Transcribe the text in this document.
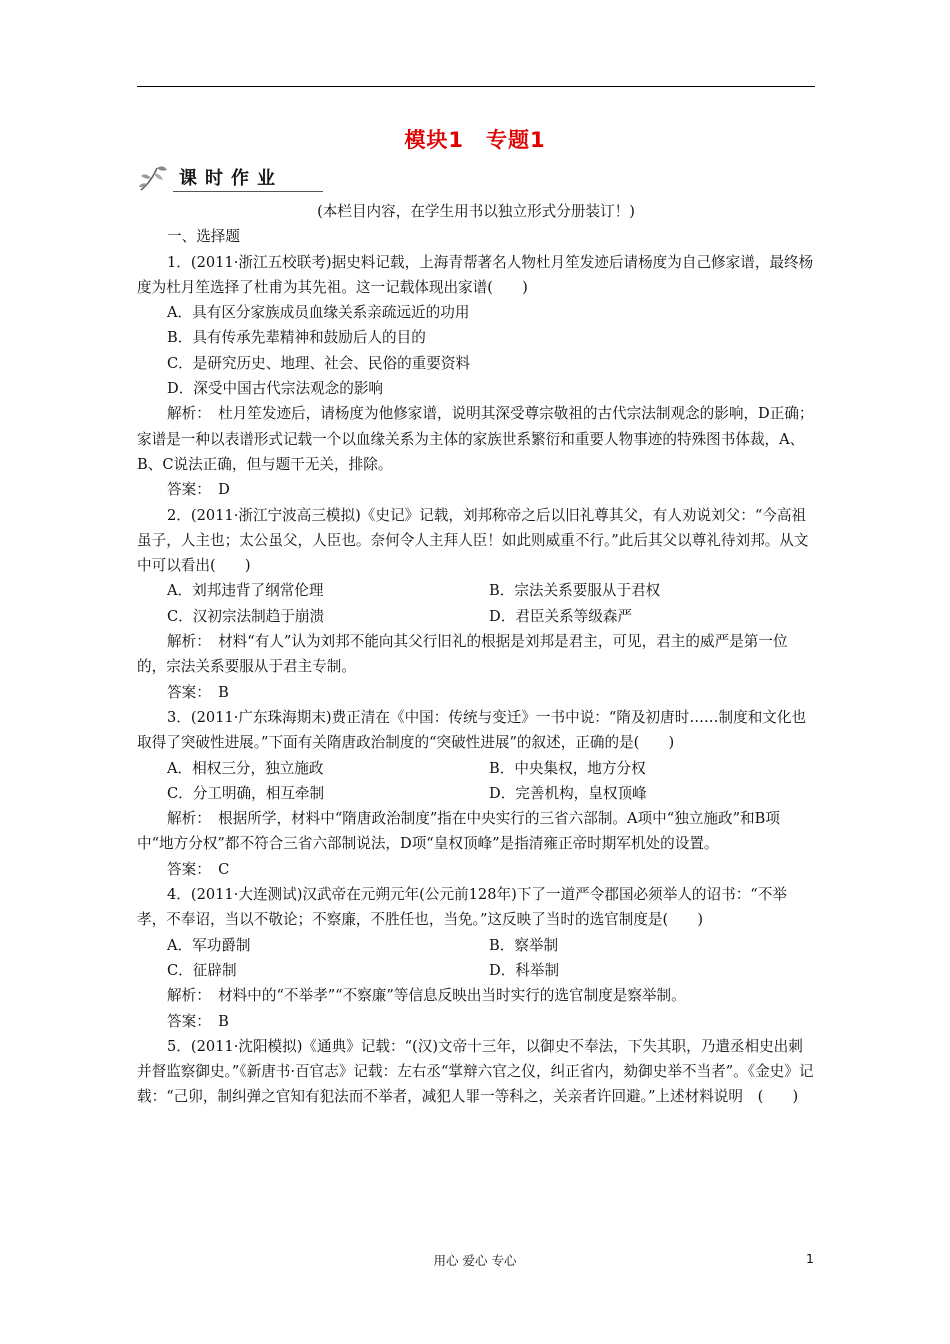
模块1　专题1
课时作业

(本栏目内容，在学生用书以独立形式分册装订！)

一、选择题

1．(2011·浙江五校联考)据史料记载，上海青帮著名人物杜月笙发迹后请杨度为自己修家谱，最终杨度为杜月笙选择了杜甫为其先祖。这一记载体现出家谱(　　)

A．具有区分家族成员血缘关系亲疏远近的功用

B．具有传承先辈精神和鼓励后人的目的

C．是研究历史、地理、社会、民俗的重要资料

D．深受中国古代宗法观念的影响

解析：　杜月笙发迹后，请杨度为他修家谱，说明其深受尊宗敬祖的古代宗法制观念的影响，D正确；家谱是一种以表谱形式记载一个以血缘关系为主体的家族世系繁衍和重要人物事迹的特殊图书体裁，A、B、C说法正确，但与题干无关，排除。

答案：　D

2．(2011·浙江宁波高三模拟)《史记》记载，刘邦称帝之后以旧礼尊其父，有人劝说刘父：“今高祖虽子，人主也；太公虽父，人臣也。奈何令人主拜人臣！如此则威重不行。”此后其父以尊礼待刘邦。从文中可以看出(　　)

A．刘邦违背了纲常伦理	B．宗法关系要服从于君权
C．汉初宗法制趋于崩溃	D．君臣关系等级森严

解析：　材料“有人”认为刘邦不能向其父行旧礼的根据是刘邦是君主，可见，君主的威严是第一位的，宗法关系要服从于君主专制。

答案：　B

3．(2011·广东珠海期末)费正清在《中国：传统与变迁》一书中说：“隋及初唐时……制度和文化也取得了突破性进展。”下面有关隋唐政治制度的“突破性进展”的叙述，正确的是(　　)

A．相权三分，独立施政	B．中央集权，地方分权
C．分工明确，相互牵制	D．完善机构，皇权顶峰

解析：　根据所学，材料中“隋唐政治制度”指在中央实行的三省六部制。A项中“独立施政”和B项中“地方分权”都不符合三省六部制说法，D项“皇权顶峰”是指清雍正帝时期军机处的设置。

答案：　C

4．(2011·大连测试)汉武帝在元朔元年(公元前128年)下了一道严令郡国必须举人的诏书：“不举孝，不奉诏，当以不敬论；不察廉，不胜任也，当免。”这反映了当时的选官制度是(　　)

A．军功爵制	B．察举制
C．征辟制	D．科举制

解析：　材料中的“不举孝”“不察廉”等信息反映出当时实行的选官制度是察举制。

答案：　B

5．(2011·沈阳模拟)《通典》记载：“(汉)文帝十三年，以御史不奉法，下失其职，乃遣丞相史出刺并督监察御史。”《新唐书·百官志》记载：左右丞“掌辩六官之仪，纠正省内，劾御史举不当者”。《金史》记载：“己卯，制纠弹之官知有犯法而不举者，减犯人罪一等科之，关亲者许回避。”上述材料说明　(　　)

用心 爱心 专心	1
